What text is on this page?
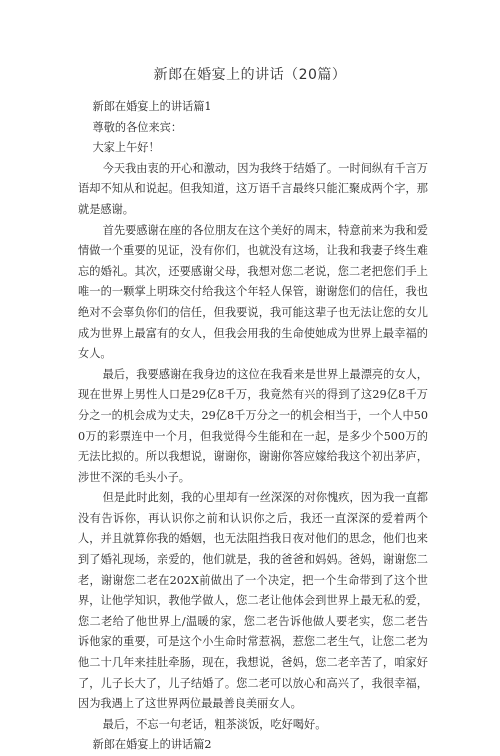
新郎在婚宴上的讲话（20篇）

新郎在婚宴上的讲话篇1

尊敬的各位来宾：

大家上午好！

今天我由衷的开心和激动，因为我终于结婚了。一时间纵有千言万语却不知从和说起。但我知道，这万语千言最终只能汇聚成两个字，那就是感谢。

首先要感谢在座的各位朋友在这个美好的周末，特意前来为我和爱情做一个重要的见证，没有你们，也就没有这场，让我和我妻子终生难忘的婚礼。其次，还要感谢父母，我想对您二老说，您二老把您们手上唯一的一颗掌上明珠交付给我这个年轻人保管，谢谢您们的信任，我也绝对不会辜负你们的信任，但我要说，我可能这辈子也无法让您的女儿成为世界上最富有的女人，但我会用我的生命使她成为世界上最幸福的女人。

最后，我要感谢在我身边的这位在我看来是世界上最漂亮的女人，现在世界上男性人口是29亿8千万，我竟然有兴的得到了这29亿8千万分之一的机会成为丈夫，29亿8千万分之一的机会相当于，一个人中500万的彩票连中一个月，但我觉得今生能和在一起，是多少个500万的无法比拟的。所以我想说，谢谢你，谢谢你答应嫁给我这个初出茅庐，涉世不深的毛头小子。

但是此时此刻，我的心里却有一丝深深的对你愧疚，因为我一直都没有告诉你，再认识你之前和认识你之后，我还一直深深的爱着两个人，并且就算你我的婚姻，也无法阻挡我日夜对他们的思念，他们也来到了婚礼现场，亲爱的，他们就是，我的爸爸和妈妈。爸妈，谢谢您二老，谢谢您二老在202X前做出了一个决定，把一个生命带到了这个世界，让他学知识，教他学做人，您二老让他体会到世界上最无私的爱，您二老给了他世界上/温暖的家，您二老告诉他做人要老实，您二老告诉他家的重要，可是这个小生命时常惹祸，惹您二老生气，让您二老为他二十几年来挂肚牵肠，现在，我想说，爸妈，您二老辛苦了，咱家好了，儿子长大了，儿子结婚了。您二老可以放心和高兴了，我很幸福，因为我遇上了这世界两位最最善良美丽女人。

最后，不忘一句老话，粗茶淡饭，吃好喝好。

新郎在婚宴上的讲话篇2
